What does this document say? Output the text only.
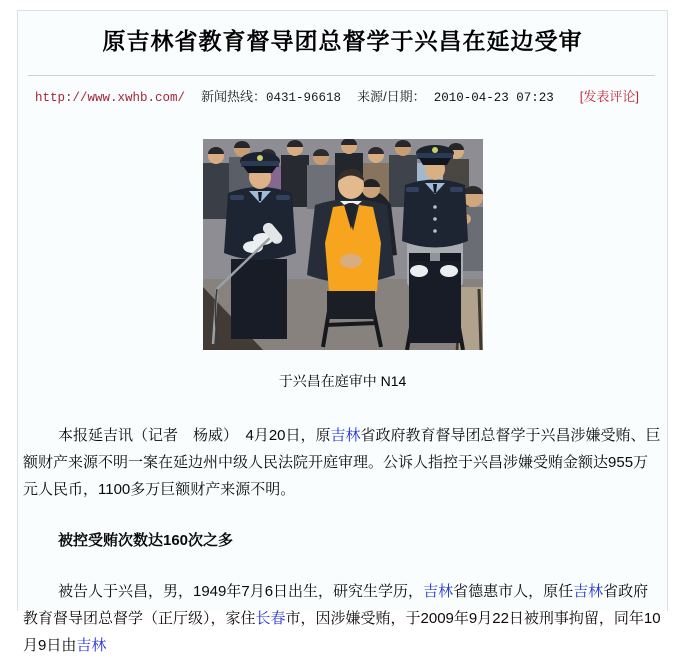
原吉林省教育督导团总督学于兴昌在延边受审
http://www.xwhb.com/ 新闻热线：0431-96618 来源/日期： 2010-04-23 07:23 [发表评论]
于兴昌在庭审中 N14

本报延吉讯（记者　杨威）　4月20日，原吉林省政府教育督导团总督学于兴昌涉嫌受贿、巨额财产来源不明一案在延边州中级人民法院开庭审理。公诉人指控于兴昌涉嫌受贿金额达955万元人民币，1100多万巨额财产来源不明。

被控受贿次数达160次之多

被告人于兴昌，男，1949年7月6日出生，研究生学历，吉林省德惠市人，原任吉林省政府教育督导团总督学（正厅级），家住长春市，因涉嫌受贿，于2009年9月22日被刑事拘留，同年10月9日由吉林
